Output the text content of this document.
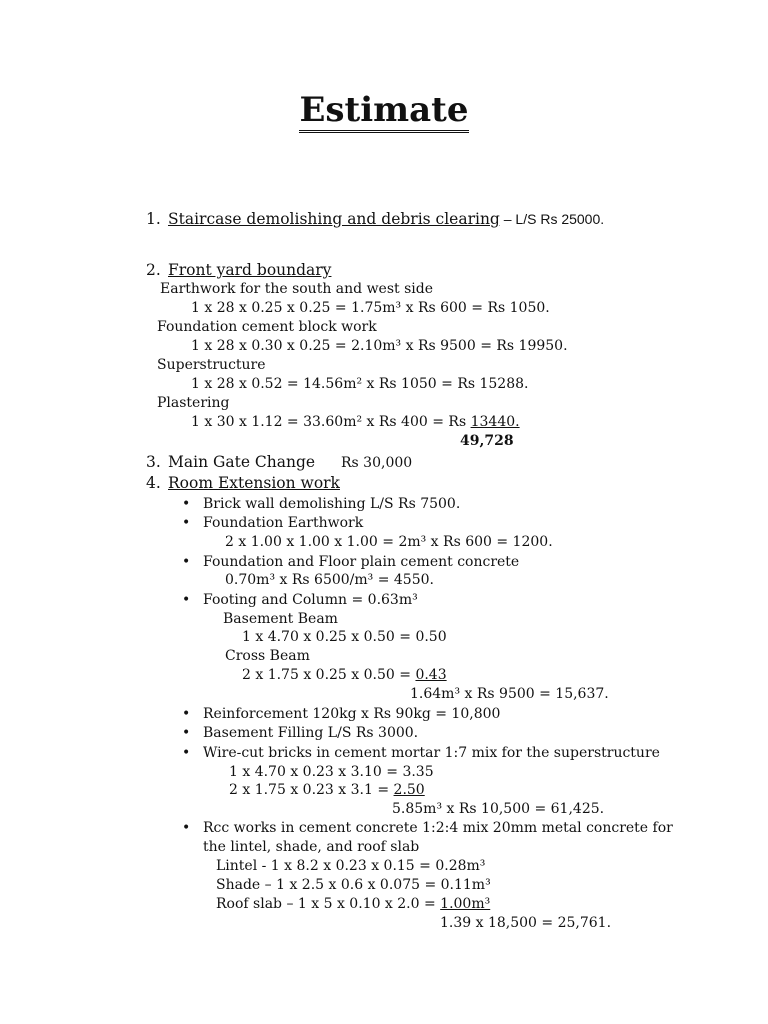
Estimate
1. Staircase demolishing and debris clearing – L/S Rs 25000.
2. Front yard boundary
Earthwork for the south and west side
1 x 28 x 0.25 x 0.25 = 1.75m³ x Rs 600 = Rs 1050.
Foundation cement block work
1 x 28 x 0.30 x 0.25 = 2.10m³ x Rs 9500 = Rs 19950.
Superstructure
1 x 28 x 0.52 = 14.56m² x Rs 1050 = Rs 15288.
Plastering
1 x 30 x 1.12 = 33.60m² x Rs 400 = Rs 13440.
49,728
3. Main Gate Change Rs 30,000
4. Room Extension work
• Brick wall demolishing L/S Rs 7500.
• Foundation Earthwork
2 x 1.00 x 1.00 x 1.00 = 2m³ x Rs 600 = 1200.
• Foundation and Floor plain cement concrete
0.70m³ x Rs 6500/m³ = 4550.
• Footing and Column = 0.63m³
Basement Beam
1 x 4.70 x 0.25 x 0.50 = 0.50
Cross Beam
2 x 1.75 x 0.25 x 0.50 = 0.43
1.64m³ x Rs 9500 = 15,637.
• Reinforcement 120kg x Rs 90kg = 10,800
• Basement Filling L/S Rs 3000.
• Wire-cut bricks in cement mortar 1:7 mix for the superstructure
1 x 4.70 x 0.23 x 3.10 = 3.35
2 x 1.75 x 0.23 x 3.1 = 2.50
5.85m³ x Rs 10,500 = 61,425.
• Rcc works in cement concrete 1:2:4 mix 20mm metal concrete for
the lintel, shade, and roof slab
Lintel - 1 x 8.2 x 0.23 x 0.15 = 0.28m³
Shade – 1 x 2.5 x 0.6 x 0.075 = 0.11m³
Roof slab – 1 x 5 x 0.10 x 2.0 = 1.00m³
1.39 x 18,500 = 25,761.
